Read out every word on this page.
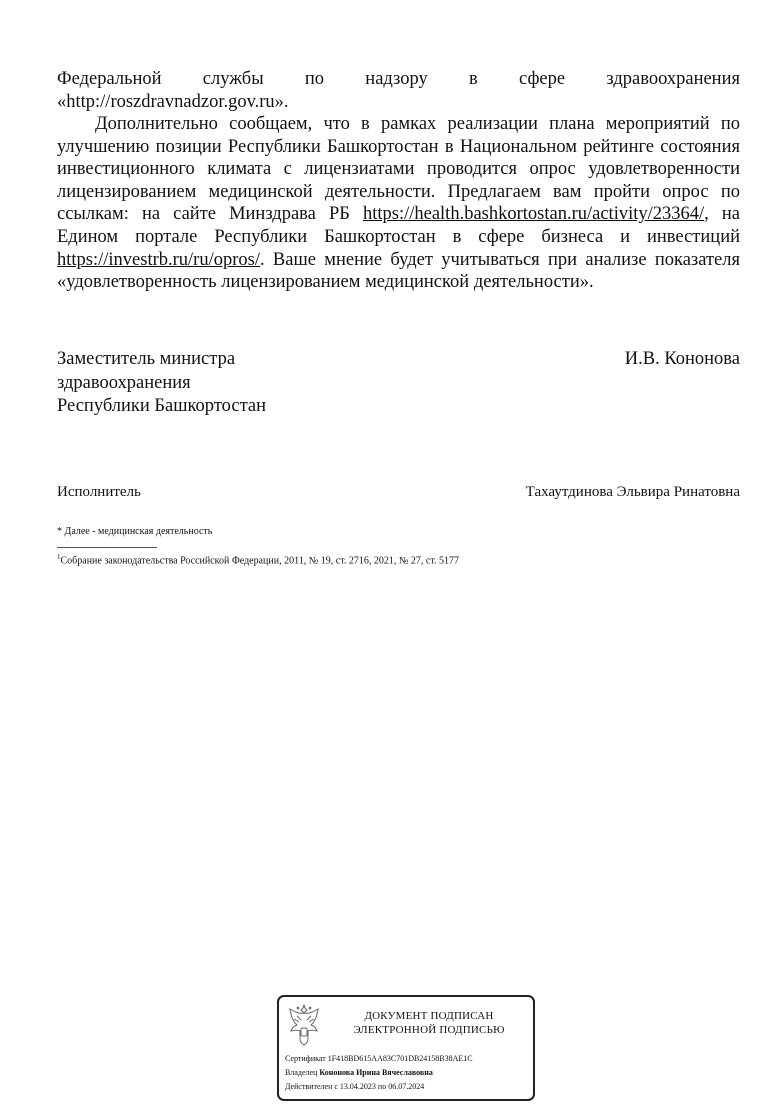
Федеральной службы по надзору в сфере здравоохранения
«http://roszdravnadzor.gov.ru».
Дополнительно сообщаем, что в рамках реализации плана мероприятий по улучшению позиции Республики Башкортостан в Национальном рейтинге состояния инвестиционного климата с лицензиатами проводится опрос удовлетворенности лицензированием медицинской деятельности. Предлагаем вам пройти опрос по ссылкам: на сайте Минздрава РБ https://health.bashkortostan.ru/activity/23364/, на Едином портале Республики Башкортостан в сфере бизнеса и инвестиций https://investrb.ru/ru/opros/. Ваше мнение будет учитываться при анализе показателя «удовлетворенность лицензированием медицинской деятельности».
Заместитель министра
здравоохранения
Республики Башкортостан
И.В. Кононова
Исполнитель	Тахаутдинова Эльвира Ринатовна
* Далее - медицинская деятельность
$^1$Собрание законодательства Российской Федерации, 2011, № 19, ст. 2716, 2021, № 27, ст. 5177
ДОКУМЕНТ ПОДПИСАН
ЭЛЕКТРОННОЙ ПОДПИСЬЮ
Сертификат 1F418BD615AA83C701DB24158B38AE1C
Владелец Кононова Ирина Вячеславовна
Действителен с 13.04.2023 по 06.07.2024
